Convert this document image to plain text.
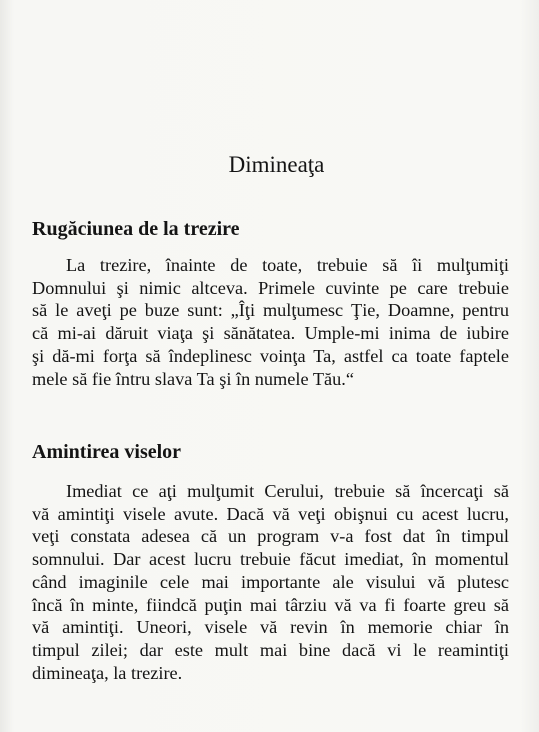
Dimineaţa
Rugăciunea de la trezire
La trezire, înainte de toate, trebuie să îi mulţumiţi
Domnului şi nimic altceva. Primele cuvinte pe care trebuie
să le aveţi pe buze sunt: „Îţi mulţumesc Ţie, Doamne, pentru
că mi-ai dăruit viaţa şi sănătatea. Umple-mi inima de iubire
şi dă-mi forţa să îndeplinesc voinţa Ta, astfel ca toate faptele
mele să fie întru slava Ta şi în numele Tău.“
Amintirea viselor
Imediat ce aţi mulţumit Cerului, trebuie să încercaţi să
vă amintiţi visele avute. Dacă vă veţi obişnui cu acest lucru,
veţi constata adesea că un program v-a fost dat în timpul
somnului. Dar acest lucru trebuie făcut imediat, în momentul
când imaginile cele mai importante ale visului vă plutesc
încă în minte, fiindcă puţin mai târziu vă va fi foarte greu să
vă amintiţi. Uneori, visele vă revin în memorie chiar în
timpul zilei; dar este mult mai bine dacă vi le reamintiţi
dimineaţa, la trezire.
